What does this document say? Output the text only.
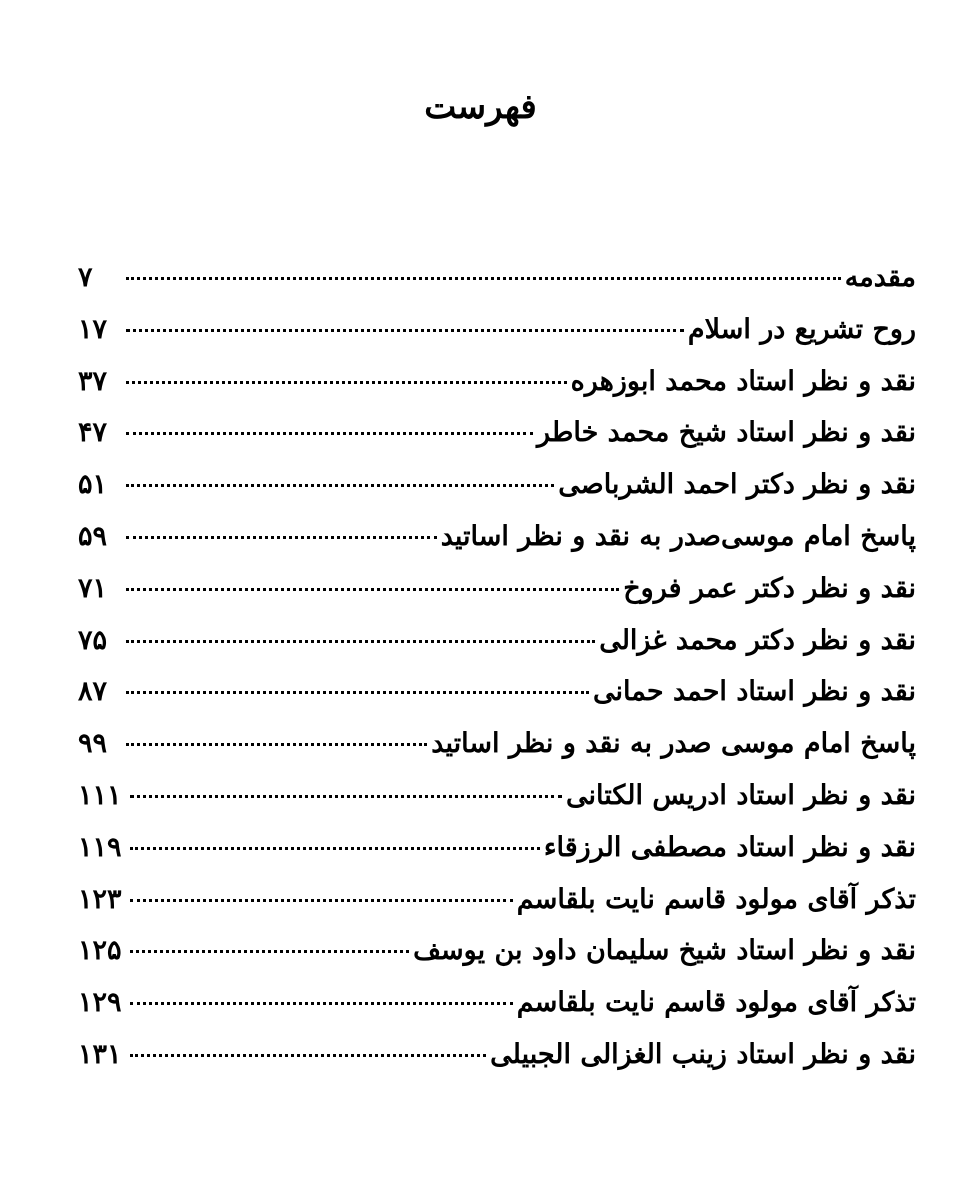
فهرست
مقدمه
۷
روح تشریع در اسلام
۱۷
نقد و نظر استاد محمد ابوزهره
۳۷
نقد و نظر استاد شیخ محمد خاطر
۴۷
نقد و نظر دکتر احمد الشرباصی
۵۱
پاسخ امام موسی‌صدر به نقد و نظر اساتید
۵۹
نقد و نظر دکتر عمر فروخ
۷۱
نقد و نظر دکتر محمد غزالی
۷۵
نقد و نظر استاد احمد حمانی
۸۷
پاسخ امام موسی صدر به نقد و نظر اساتید
۹۹
نقد و نظر استاد ادریس الکتانی
۱۱۱
نقد و نظر استاد مصطفی الرزقاء
۱۱۹
تذکر آقای مولود قاسم نایت بلقاسم
۱۲۳
نقد و نظر استاد شیخ سلیمان داود بن یوسف
۱۲۵
تذکر آقای مولود قاسم نایت بلقاسم
۱۲۹
نقد و نظر استاد زینب الغزالی الجبیلی
۱۳۱
